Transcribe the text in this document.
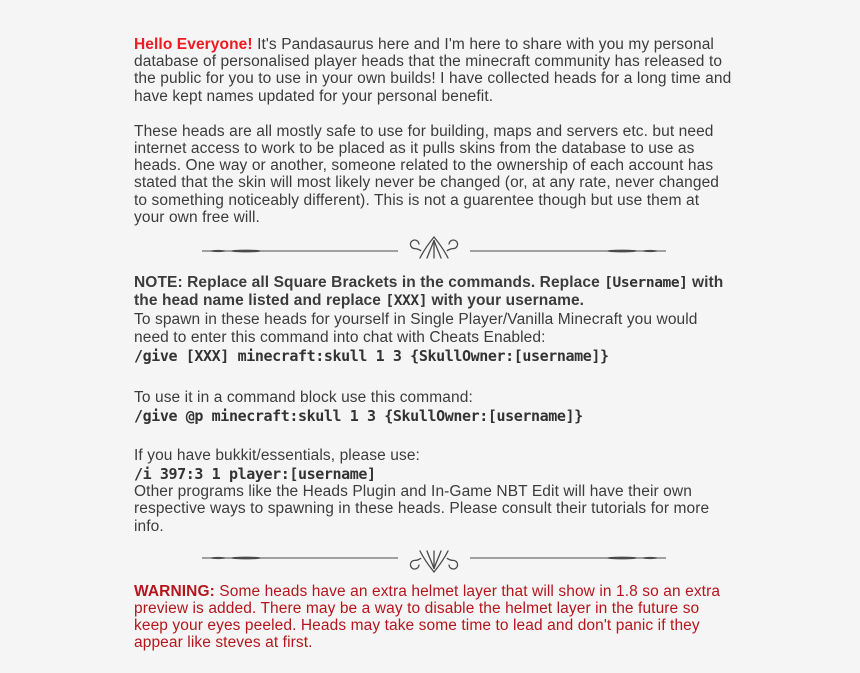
Hello Everyone! It's Pandasaurus here and I'm here to share with you my personal database of personalised player heads that the minecraft community has released to the public for you to use in your own builds! I have collected heads for a long time and have kept names updated for your personal benefit.

These heads are all mostly safe to use for building, maps and servers etc. but need internet access to work to be placed as it pulls skins from the database to use as heads. One way or another, someone related to the ownership of each account has stated that the skin will most likely never be changed (or, at any rate, never changed to something noticeably different). This is not a guarentee though but use them at your own free will.

NOTE: Replace all Square Brackets in the commands. Replace [Username] with the head name listed and replace [XXX] with your username.

To spawn in these heads for yourself in Single Player/Vanilla Minecraft you would need to enter this command into chat with Cheats Enabled:

/give [XXX] minecraft:skull 1 3 {SkullOwner:[username]}

To use it in a command block use this command:

/give @p minecraft:skull 1 3 {SkullOwner:[username]}

If you have bukkit/essentials, please use:

/i 397:3 1 player:[username]

Other programs like the Heads Plugin and In-Game NBT Edit will have their own respective ways to spawning in these heads. Please consult their tutorials for more info.

WARNING: Some heads have an extra helmet layer that will show in 1.8 so an extra preview is added. There may be a way to disable the helmet layer in the future so keep your eyes peeled. Heads may take some time to lead and don't panic if they appear like steves at first.
